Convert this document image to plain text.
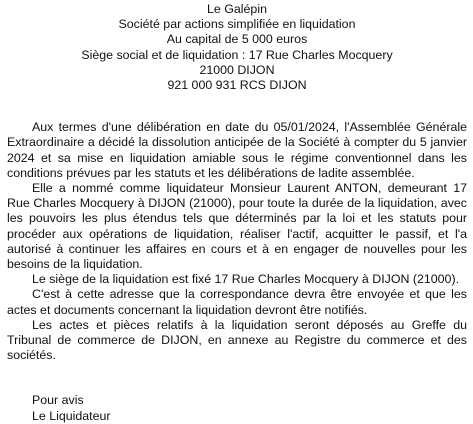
Le Galépin
Société par actions simplifiée en liquidation
Au capital de 5 000 euros
Siège social et de liquidation : 17 Rue Charles Mocquery
21000 DIJON
921 000 931 RCS DIJON

Aux termes d'une délibération en date du 05/01/2024, l'Assemblée Générale Extraordinaire a décidé la dissolution anticipée de la Société à compter du 5 janvier 2024 et sa mise en liquidation amiable sous le régime conventionnel dans les conditions prévues par les statuts et les délibérations de ladite assemblée.

Elle a nommé comme liquidateur Monsieur Laurent ANTON, demeurant 17 Rue Charles Mocquery à DIJON (21000), pour toute la durée de la liquidation, avec les pouvoirs les plus étendus tels que déterminés par la loi et les statuts pour procéder aux opérations de liquidation, réaliser l'actif, acquitter le passif, et l'a autorisé à continuer les affaires en cours et à en engager de nouvelles pour les besoins de la liquidation.

Le siège de la liquidation est fixé 17 Rue Charles Mocquery à DIJON (21000).

C'est à cette adresse que la correspondance devra être envoyée et que les actes et documents concernant la liquidation devront être notifiés.

Les actes et pièces relatifs à la liquidation seront déposés au Greffe du Tribunal de commerce de DIJON, en annexe au Registre du commerce et des sociétés.

Pour avis
Le Liquidateur
